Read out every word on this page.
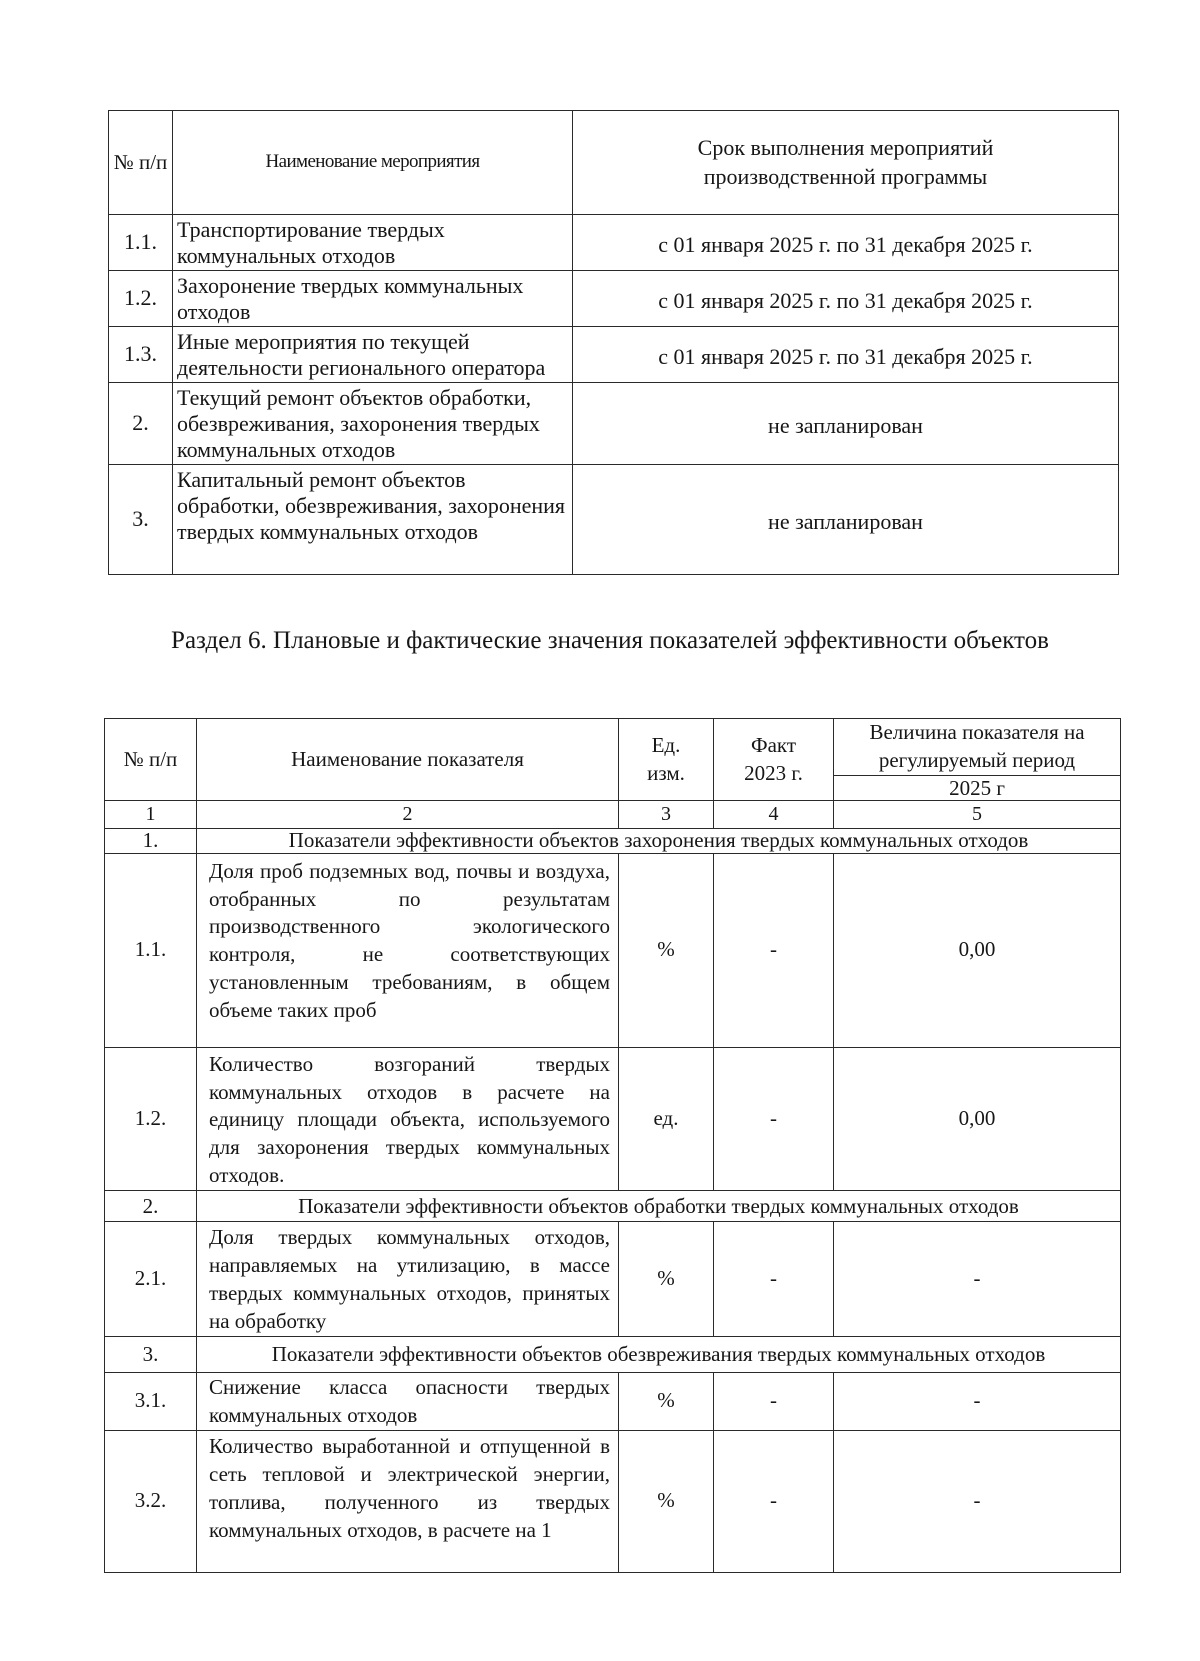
№ п/п	Наименование мероприятия	Срок выполнения мероприятий производственной программы
1.1.	Транспортирование твердых коммунальных отходов	с 01 января 2025 г. по 31 декабря 2025 г.
1.2.	Захоронение твердых коммунальных отходов	с 01 января 2025 г. по 31 декабря 2025 г.
1.3.	Иные мероприятия по текущей деятельности регионального оператора	с 01 января 2025 г. по 31 декабря 2025 г.
2.	Текущий ремонт объектов обработки, обезвреживания, захоронения твердых коммунальных отходов	не запланирован
3.	Капитальный ремонт объектов обработки, обезвреживания, захоронения твердых коммунальных отходов	не запланирован
Раздел 6. Плановые и фактические значения показателей эффективности объектов
№ п/п	Наименование показателя	Ед. изм.	Факт 2023 г.	Величина показателя на регулируемый период
				2025 г
1	2	3	4	5
1.	Показатели эффективности объектов захоронения твердых коммунальных отходов			
1.1.	Доля проб подземных вод, почвы и воздуха, отобранных по результатам производственного экологического контроля, не соответствующих установленным требованиям, в общем объеме таких проб	%	-	0,00
1.2.	Количество возгораний твердых коммунальных отходов в расчете на единицу площади объекта, используемого для захоронения твердых коммунальных отходов.	ед.	-	0,00
2.	Показатели эффективности объектов обработки твердых коммунальных отходов			
2.1.	Доля твердых коммунальных отходов, направляемых на утилизацию, в массе твердых коммунальных отходов, принятых на обработку	%	-	-
3.	Показатели эффективности объектов обезвреживания твердых коммунальных отходов			
3.1.	Снижение класса опасности твердых коммунальных отходов	%	-	-
3.2.	Количество выработанной и отпущенной в сеть тепловой и электрической энергии, топлива, полученного из твердых коммунальных отходов, в расчете на 1	%	-	-
